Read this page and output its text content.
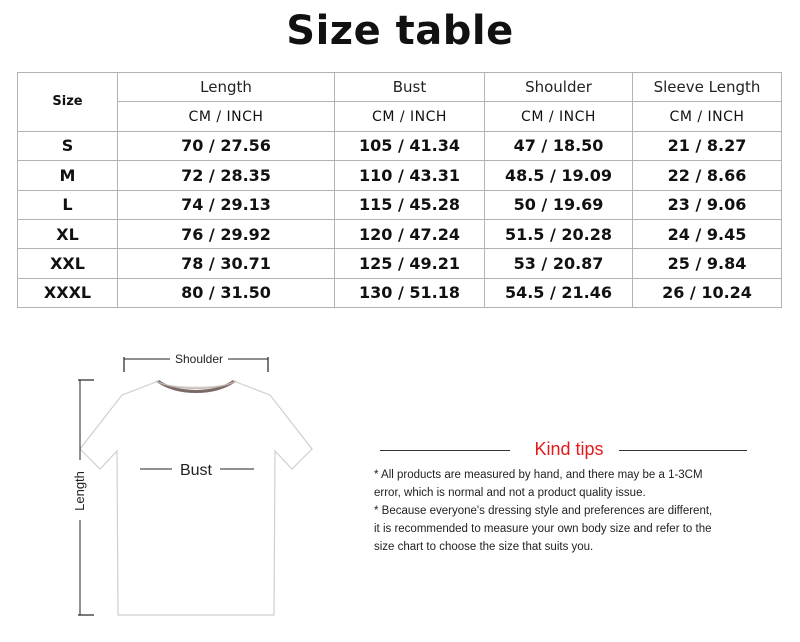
Size table
Size	Length	Bust	Shoulder	Sleeve Length
	CM / INCH	CM / INCH	CM / INCH	CM / INCH
S	70 / 27.56	105 / 41.34	47 / 18.50	21 / 8.27
M	72 / 28.35	110 / 43.31	48.5 / 19.09	22 / 8.66
L	74 / 29.13	115 / 45.28	50 / 19.69	23 / 9.06
XL	76 / 29.92	120 / 47.24	51.5 / 20.28	24 / 9.45
XXL	78 / 30.71	125 / 49.21	53 / 20.87	25 / 9.84
XXXL	80 / 31.50	130 / 51.18	54.5 / 21.46	26 / 10.24
Shoulder
Bust
Length
Kind tips

* All products are measured by hand, and there may be a 1-3CM

error, which is normal and not a product quality issue.

* Because everyone's dressing style and preferences are different,

it is recommended to measure your own body size and refer to the

size chart to choose the size that suits you.
